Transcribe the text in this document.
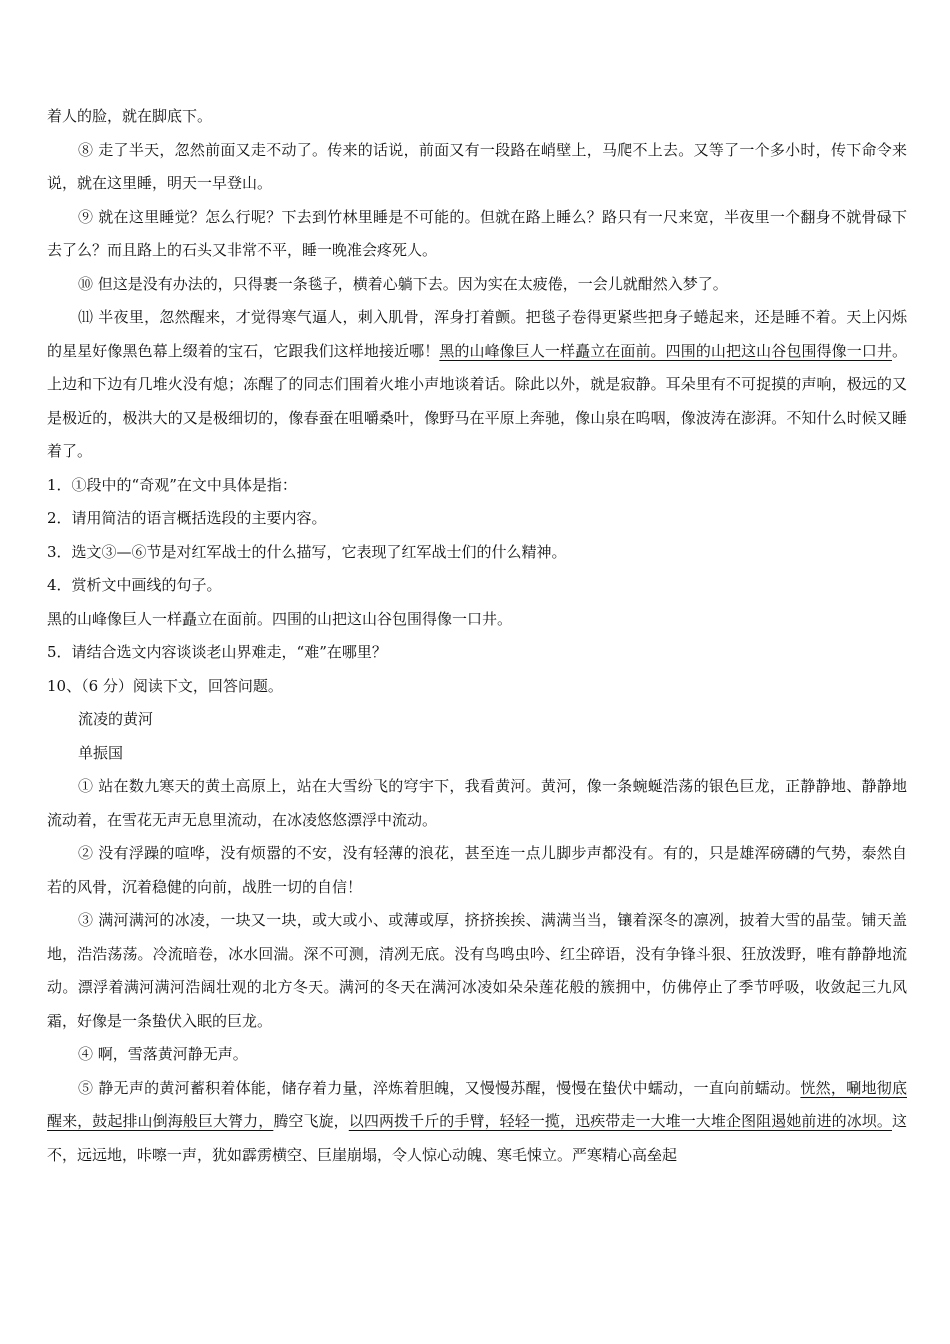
着人的脸，就在脚底下。

⑧ 走了半天，忽然前面又走不动了。传来的话说，前面又有一段路在峭壁上，马爬不上去。又等了一个多小时，传下命令来说，就在这里睡，明天一早登山。

⑨ 就在这里睡觉？怎么行呢？下去到竹林里睡是不可能的。但就在路上睡么？路只有一尺来宽，半夜里一个翻身不就骨碌下去了么？而且路上的石头又非常不平，睡一晚准会疼死人。

⑩ 但这是没有办法的，只得裹一条毯子，横着心躺下去。因为实在太疲倦，一会儿就酣然入梦了。

⑾ 半夜里，忽然醒来，才觉得寒气逼人，刺入肌骨，浑身打着颤。把毯子卷得更紧些把身子蜷起来，还是睡不着。天上闪烁的星星好像黑色幕上缀着的宝石，它跟我们这样地接近哪！黑的山峰像巨人一样矗立在面前。四围的山把这山谷包围得像一口井。上边和下边有几堆火没有熄；冻醒了的同志们围着火堆小声地谈着话。除此以外，就是寂静。耳朵里有不可捉摸的声响，极远的又是极近的，极洪大的又是极细切的，像春蚕在咀嚼桑叶，像野马在平原上奔驰，像山泉在呜咽，像波涛在澎湃。不知什么时候又睡着了。

1．①段中的“奇观”在文中具体是指：

2．请用简洁的语言概括选段的主要内容。

3．选文③—⑥节是对红军战士的什么描写，它表现了红军战士们的什么精神。

4．赏析文中画线的句子。

黑的山峰像巨人一样矗立在面前。四围的山把这山谷包围得像一口井。

5．请结合选文内容谈谈老山界难走，“难”在哪里？

10、（6 分）阅读下文，回答问题。

流凌的黄河

单振国

① 站在数九寒天的黄土高原上，站在大雪纷飞的穹宇下，我看黄河。黄河，像一条蜿蜒浩荡的银色巨龙，正静静地、静静地流动着，在雪花无声无息里流动，在冰凌悠悠漂浮中流动。

② 没有浮躁的喧哗，没有烦嚣的不安，没有轻薄的浪花，甚至连一点儿脚步声都没有。有的，只是雄浑磅礴的气势，泰然自若的风骨，沉着稳健的向前，战胜一切的自信！

③ 满河满河的冰凌，一块又一块，或大或小、或薄或厚，挤挤挨挨、满满当当，镶着深冬的凛冽，披着大雪的晶莹。铺天盖地，浩浩荡荡。冷流暗卷，冰水回湍。深不可测，清冽无底。没有鸟鸣虫吟、红尘碎语，没有争锋斗狠、狂放泼野，唯有静静地流动。漂浮着满河满河浩阔壮观的北方冬天。满河的冬天在满河冰凌如朵朵莲花般的簇拥中，仿佛停止了季节呼吸，收敛起三九风霜，好像是一条蛰伏入眠的巨龙。

④ 啊，雪落黄河静无声。

⑤ 静无声的黄河蓄积着体能，储存着力量，淬炼着胆魄，又慢慢苏醒，慢慢在蛰伏中蠕动，一直向前蠕动。恍然，唰地彻底醒来，鼓起排山倒海般巨大膂力，腾空飞旋，以四两拨千斤的手臂，轻轻一揽，迅疾带走一大堆一大堆企图阻遏她前进的冰坝。这不，远远地，咔嚓一声，犹如霹雳横空、巨崖崩塌，令人惊心动魄、寒毛悚立。严寒精心高垒起
